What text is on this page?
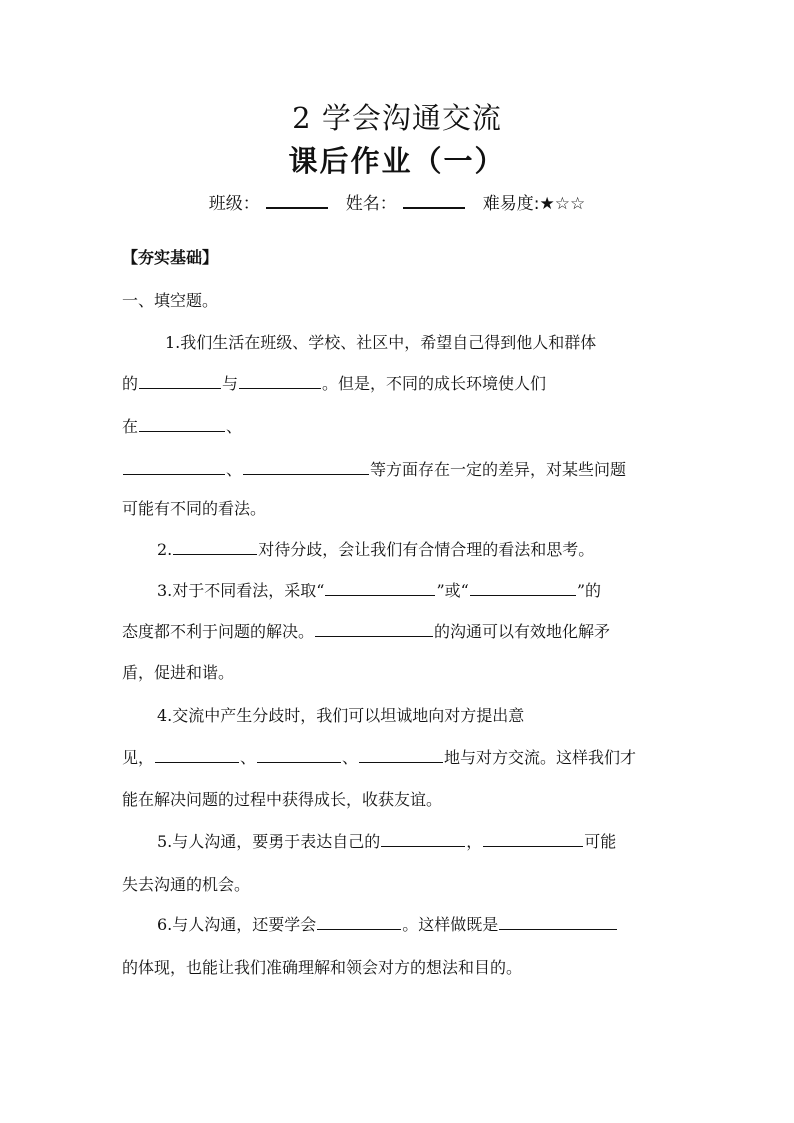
2 学会沟通交流
课后作业（一）
班级：	姓名：	难易度:★☆☆
【夯实基础】
一、填空题。
1.我们生活在班级、学校、社区中，希望自己得到他人和群体
的	与	。但是，不同的成长环境使人们
在	、
、	等方面存在一定的差异，对某些问题
可能有不同的看法。
2.	对待分歧，会让我们有合情合理的看法和思考。
3.对于不同看法，采取“	”或“	”的
态度都不利于问题的解决。	的沟通可以有效地化解矛
盾，促进和谐。
4.交流中产生分歧时，我们可以坦诚地向对方提出意
见，	、	、	地与对方交流。这样我们才
能在解决问题的过程中获得成长，收获友谊。
5.与人沟通，要勇于表达自己的	，	可能
失去沟通的机会。
6.与人沟通，还要学会	。这样做既是
的体现，也能让我们准确理解和领会对方的想法和目的。
